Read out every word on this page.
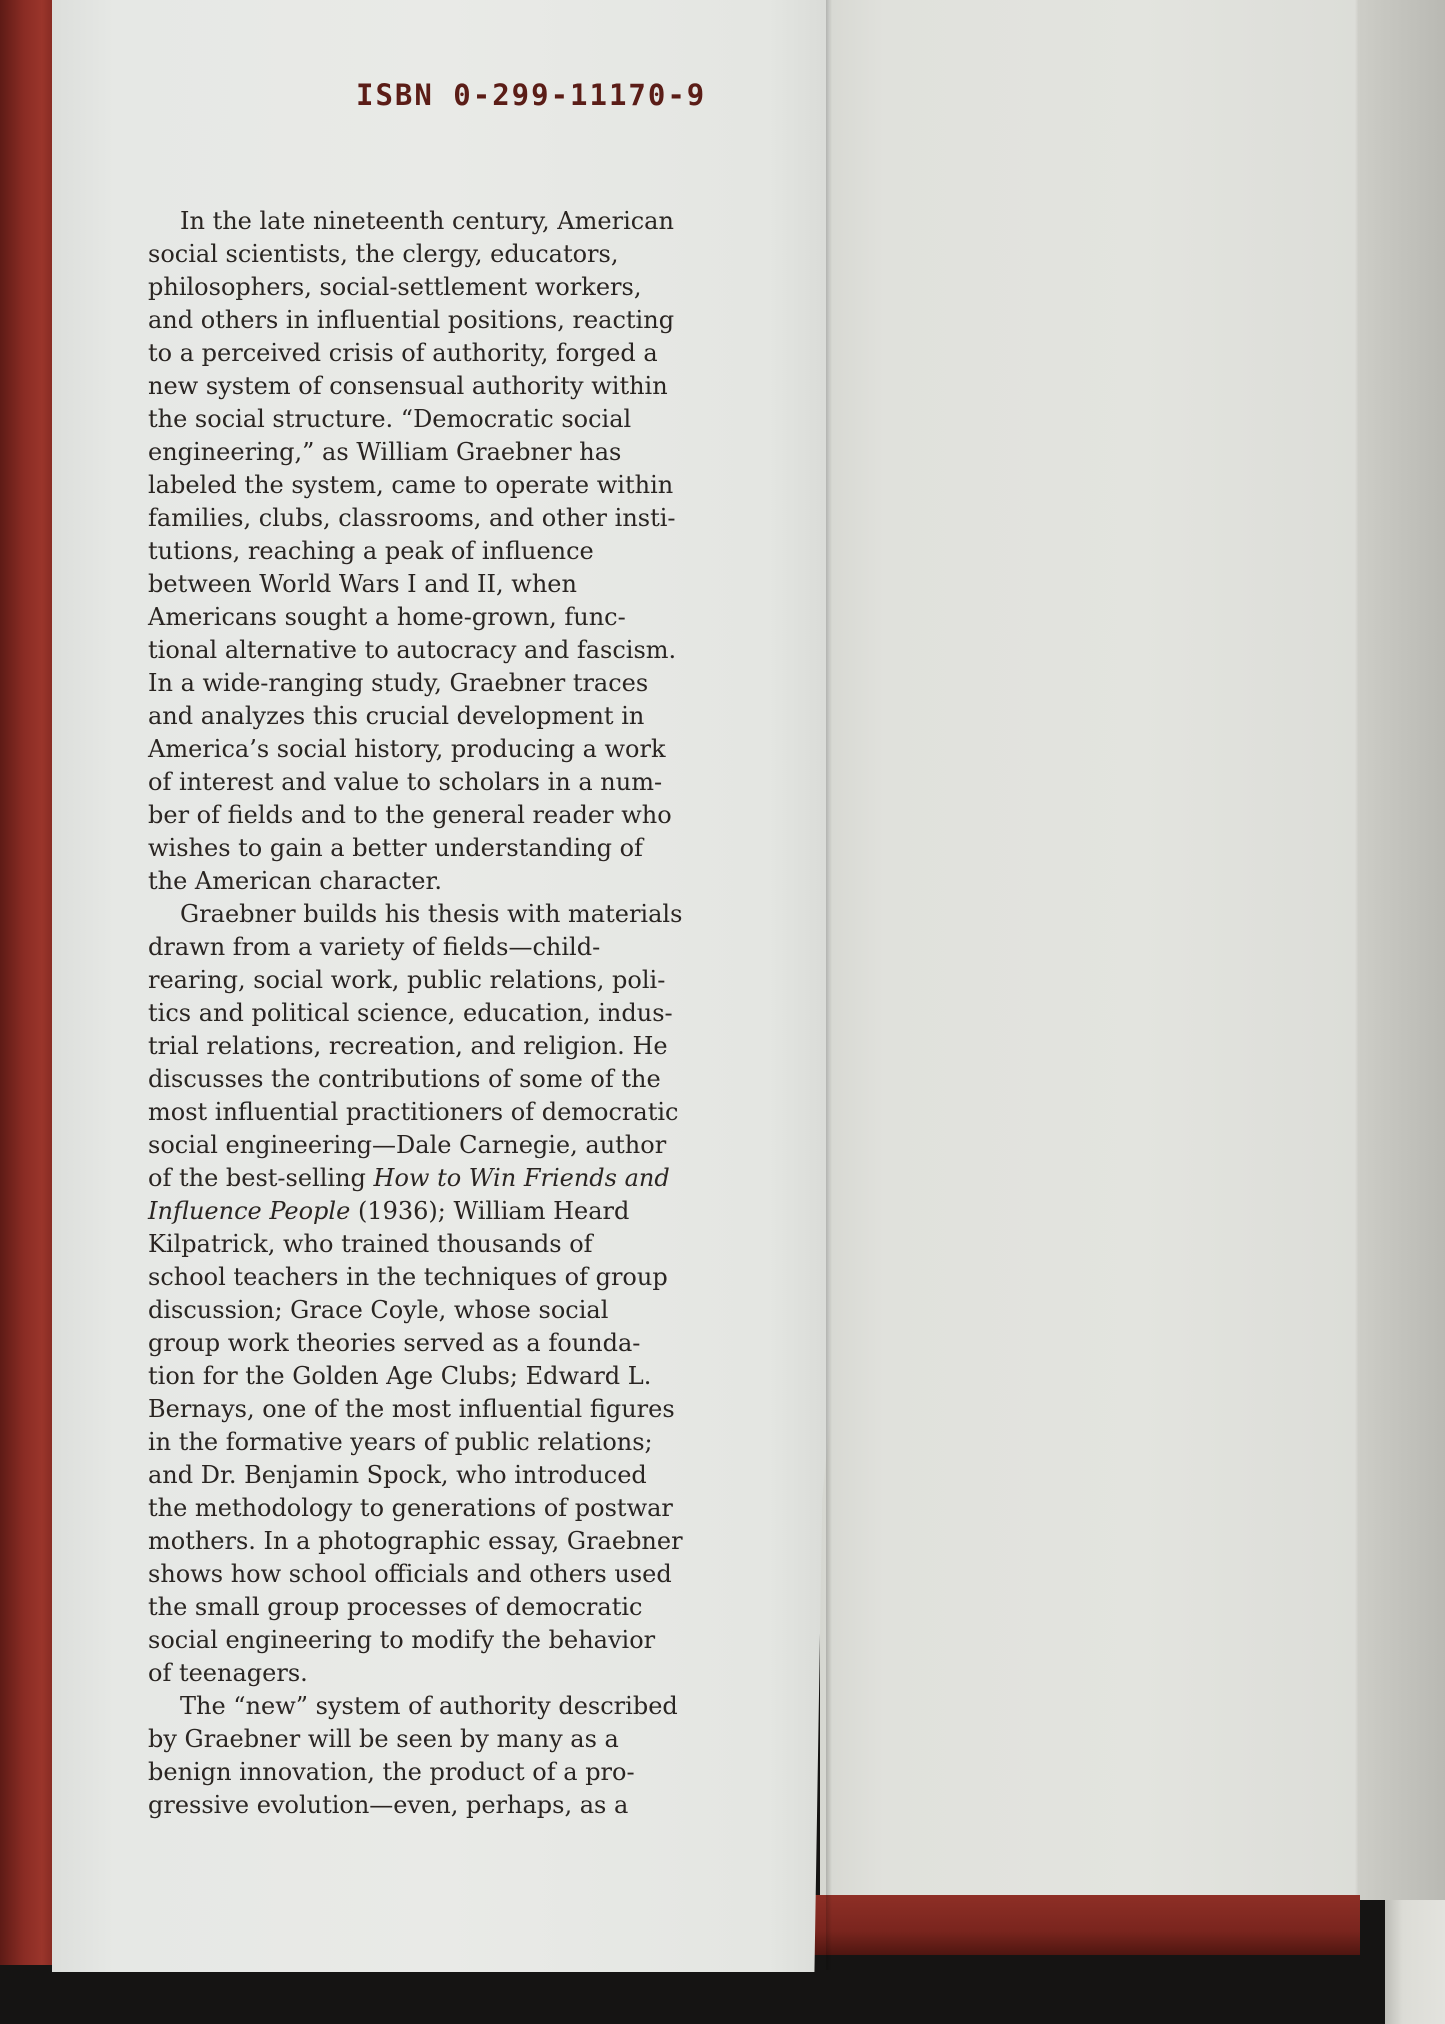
ISBN 0-299-11170-9
In the late nineteenth century, American
social scientists, the clergy, educators,
philosophers, social-settlement workers,
and others in influential positions, reacting
to a perceived crisis of authority, forged a
new system of consensual authority within
the social structure. “Democratic social
engineering,” as William Graebner has
labeled the system, came to operate within
families, clubs, classrooms, and other insti-
tutions, reaching a peak of influence
between World Wars I and II, when
Americans sought a home-grown, func-
tional alternative to autocracy and fascism.
In a wide-ranging study, Graebner traces
and analyzes this crucial development in
America’s social history, producing a work
of interest and value to scholars in a num-
ber of fields and to the general reader who
wishes to gain a better understanding of
the American character.
Graebner builds his thesis with materials
drawn from a variety of fields—child-
rearing, social work, public relations, poli-
tics and political science, education, indus-
trial relations, recreation, and religion. He
discusses the contributions of some of the
most influential practitioners of democratic
social engineering—Dale Carnegie, author
of the best-selling How to Win Friends and
Influence People (1936); William Heard
Kilpatrick, who trained thousands of
school teachers in the techniques of group
discussion; Grace Coyle, whose social
group work theories served as a founda-
tion for the Golden Age Clubs; Edward L.
Bernays, one of the most influential figures
in the formative years of public relations;
and Dr. Benjamin Spock, who introduced
the methodology to generations of postwar
mothers. In a photographic essay, Graebner
shows how school officials and others used
the small group processes of democratic
social engineering to modify the behavior
of teenagers.
The “new” system of authority described
by Graebner will be seen by many as a
benign innovation, the product of a pro-
gressive evolution—even, perhaps, as a
